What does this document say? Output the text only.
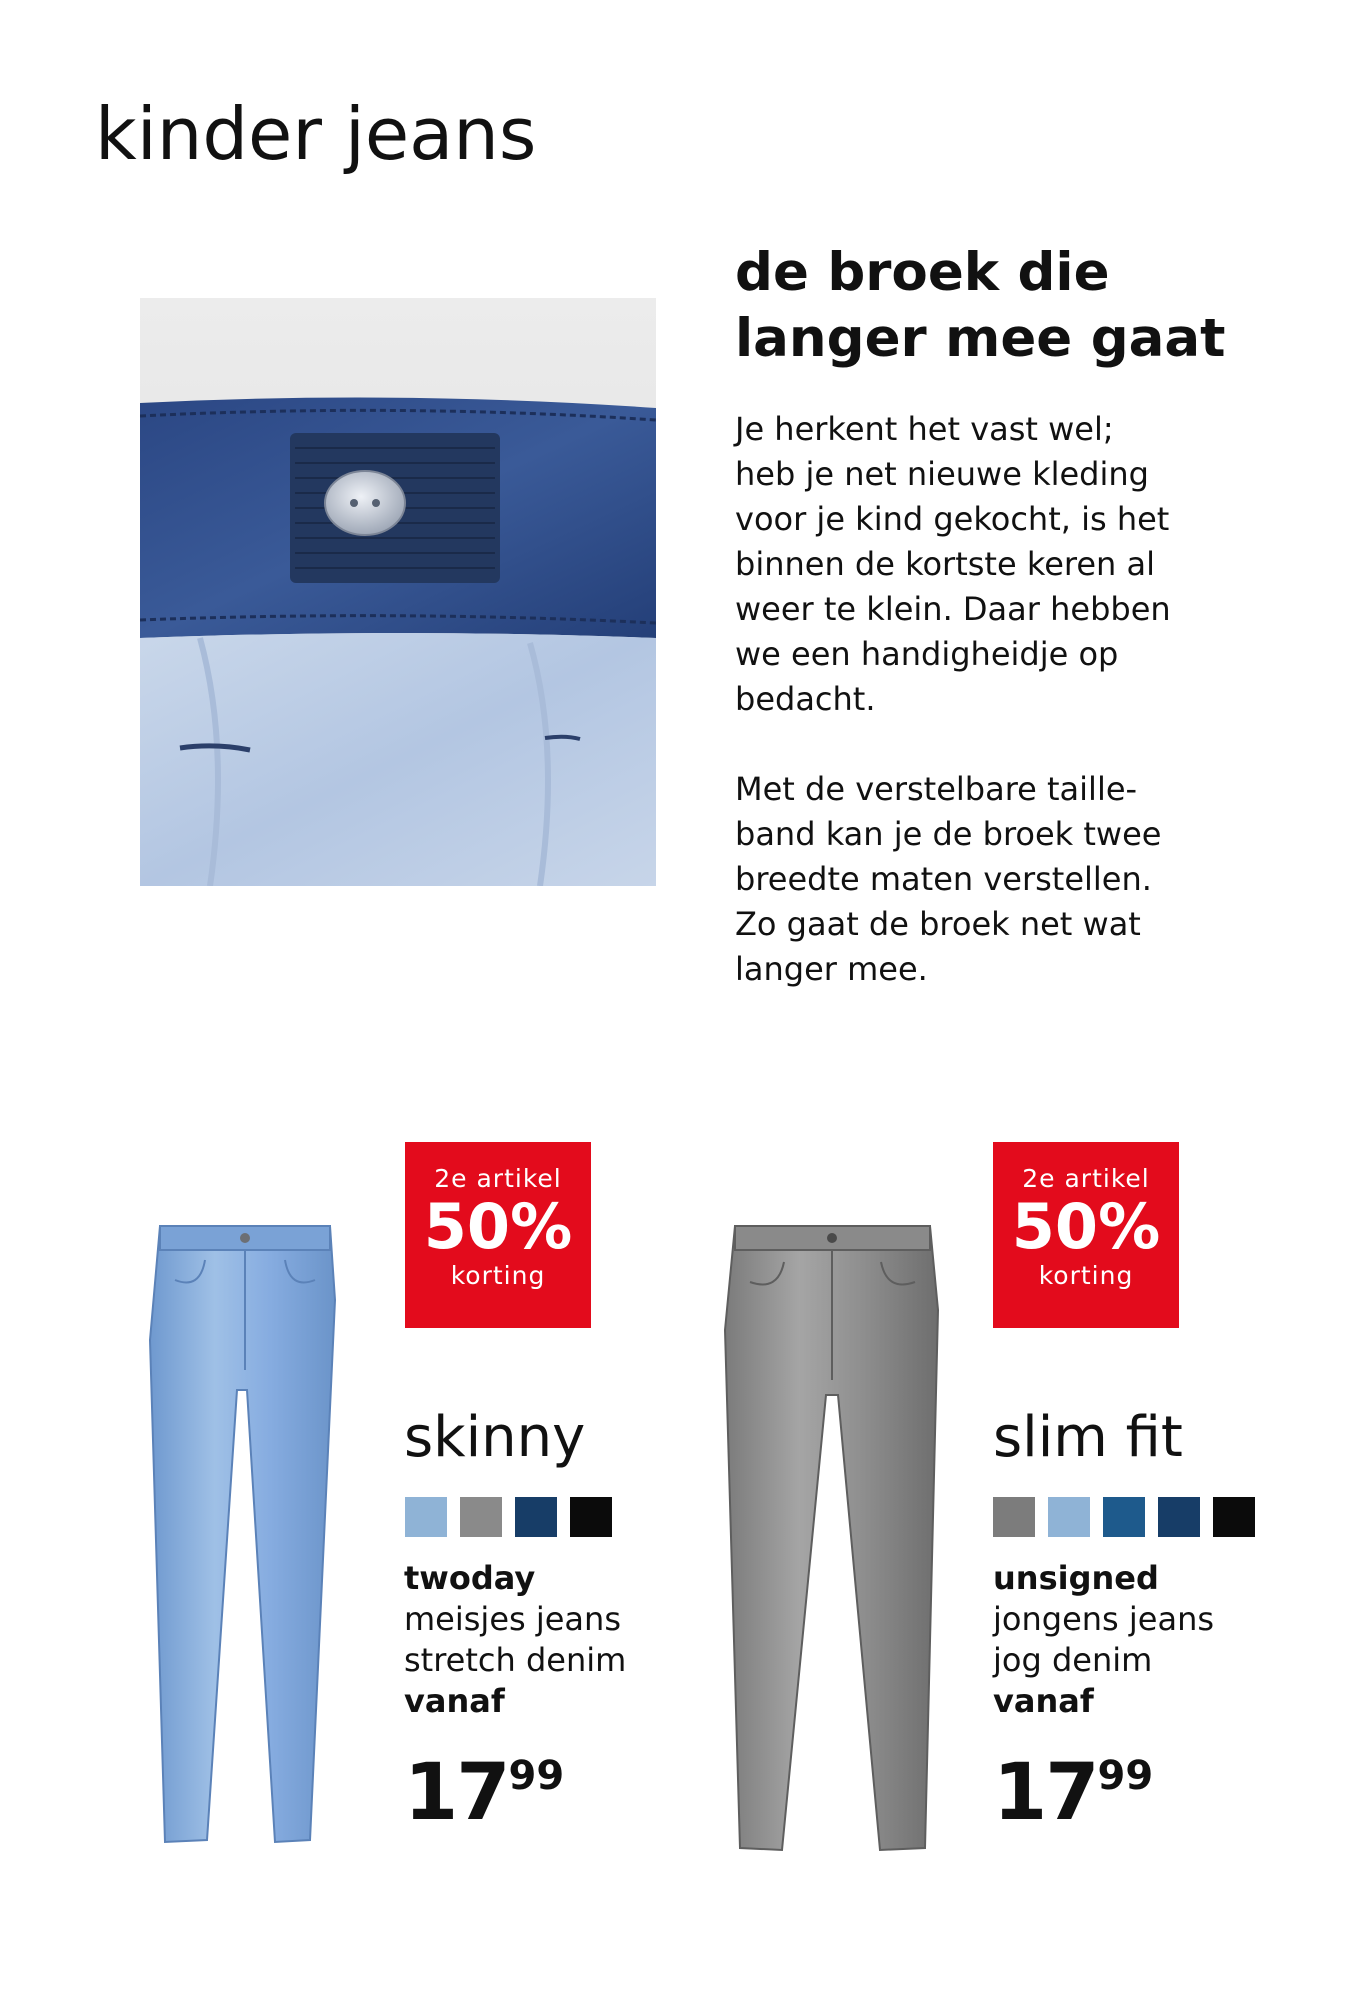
kinder jeans
de broek die
langer mee gaat

Je herkent het vast wel;
heb je net nieuwe kleding
voor je kind gekocht, is het
binnen de kortste keren al
weer te klein. Daar hebben
we een handigheidje op
bedacht.

Met de verstelbare taille-
band kan je de broek twee
breedte maten verstellen.
Zo gaat de broek net wat
langer mee.

2e artikel
50%
korting
skinny
twoday
meisjes jeans
stretch denim
vanaf
1799
2e artikel
50%
korting
slim fit
unsigned
jongens jeans
jog denim
vanaf
1799
